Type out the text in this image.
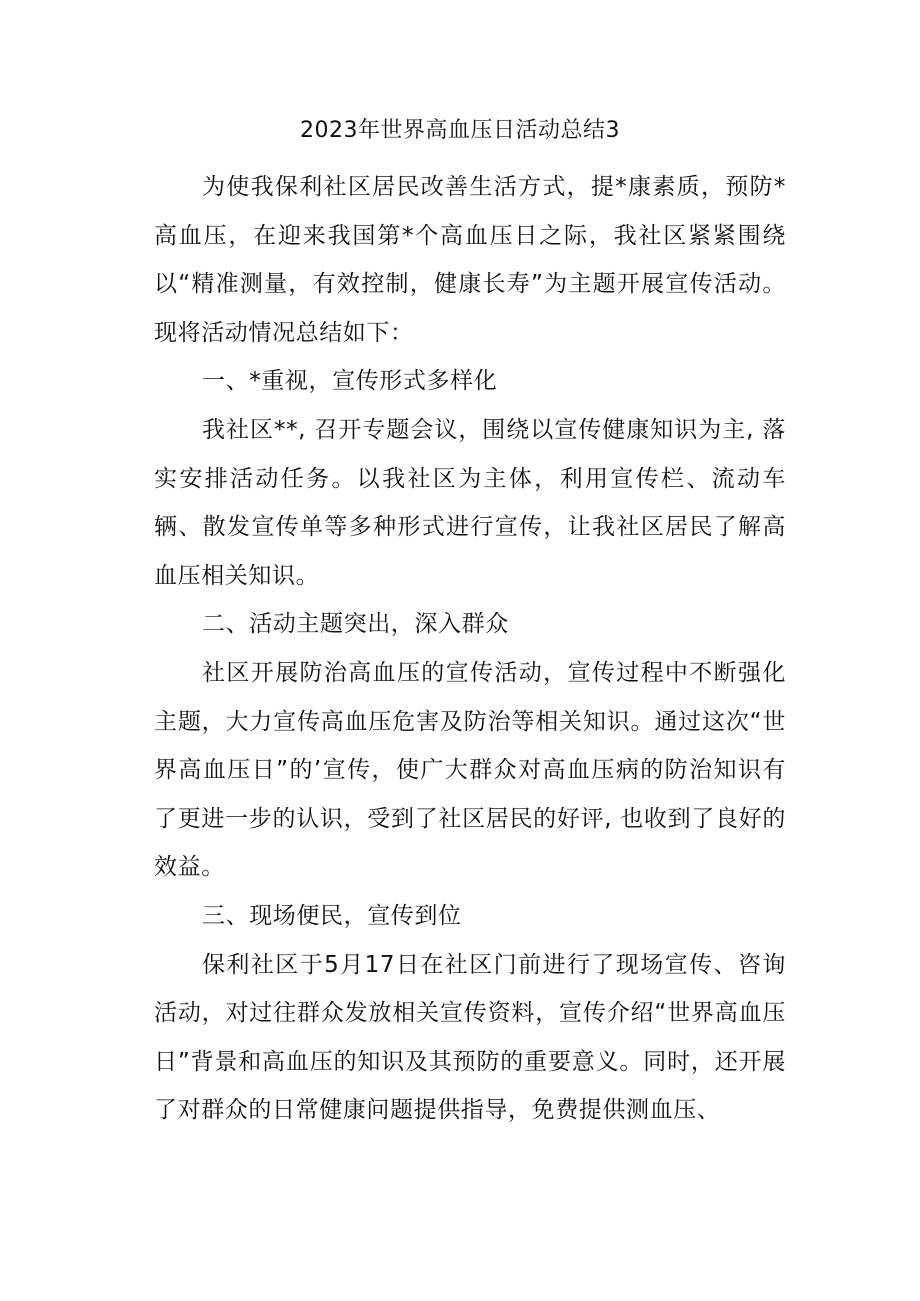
2023年世界高血压日活动总结3

为使我保利社区居民改善生活方式，提*康素质，预防*高血压，在迎来我国第*个高血压日之际，我社区紧紧围绕以“精准测量，有效控制，健康长寿”为主题开展宣传活动。现将活动情况总结如下：

一、*重视，宣传形式多样化

我社区**, 召开专题会议，围绕以宣传健康知识为主, 落实安排活动任务。以我社区为主体，利用宣传栏、流动车辆、散发宣传单等多种形式进行宣传，让我社区居民了解高血压相关知识。

二、活动主题突出，深入群众

社区开展防治高血压的宣传活动，宣传过程中不断强化主题，大力宣传高血压危害及防治等相关知识。通过这次“世界高血压日”的’宣传，使广大群众对高血压病的防治知识有了更进一步的认识，受到了社区居民的好评, 也收到了良好的效益。

三、现场便民，宣传到位

保利社区于5月17日在社区门前进行了现场宣传、咨询活动，对过往群众发放相关宣传资料，宣传介绍“世界高血压日”背景和高血压的知识及其预防的重要意义。同时，还开展了对群众的日常健康问题提供指导，免费提供测血压、
